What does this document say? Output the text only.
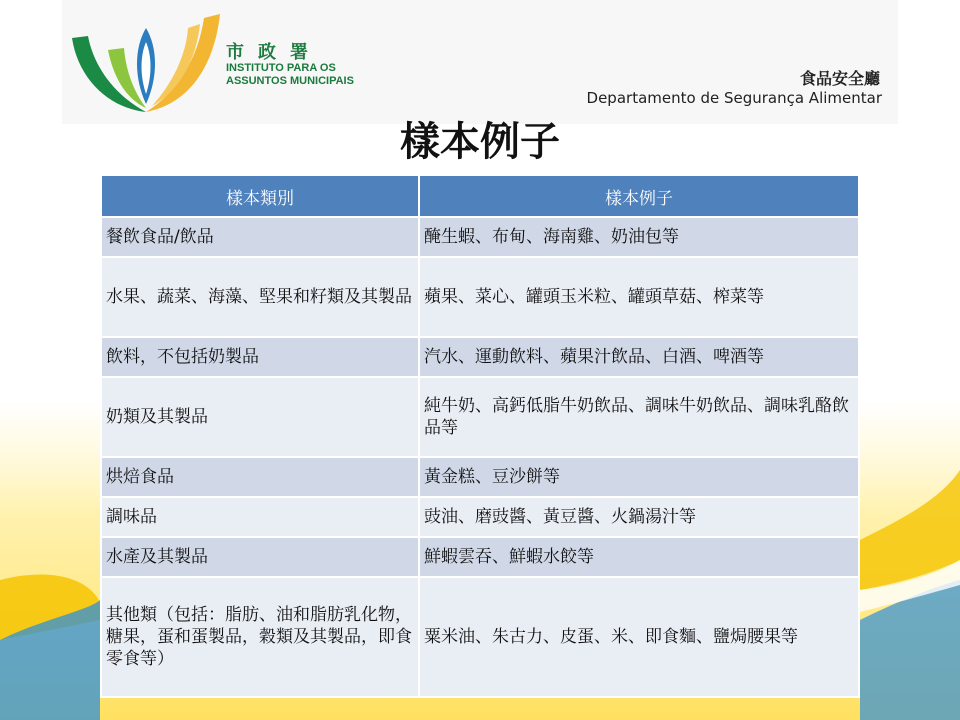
市政署
INSTITUTO PARA OS
ASSUNTOS MUNICIPAIS	食品安全廳
Departamento de Segurança Alimentar
樣本例子
樣本類別	樣本例子
餐飲食品/飲品	醃生蝦、布甸、海南雞、奶油包等
水果、蔬菜、海藻、堅果和籽類及其製品	蘋果、菜心、罐頭玉米粒、罐頭草菇、榨菜等
飲料，不包括奶製品	汽水、運動飲料、蘋果汁飲品、白酒、啤酒等
奶類及其製品	純牛奶、高鈣低脂牛奶飲品、調味牛奶飲品、調味乳酪飲品等
烘焙食品	黃金糕、豆沙餅等
調味品	豉油、磨豉醬、黃豆醬、火鍋湯汁等
水產及其製品	鮮蝦雲吞、鮮蝦水餃等
其他類（包括：脂肪、油和脂肪乳化物，糖果，蛋和蛋製品，穀類及其製品，即食零食等）	粟米油、朱古力、皮蛋、米、即食麵、鹽焗腰果等
